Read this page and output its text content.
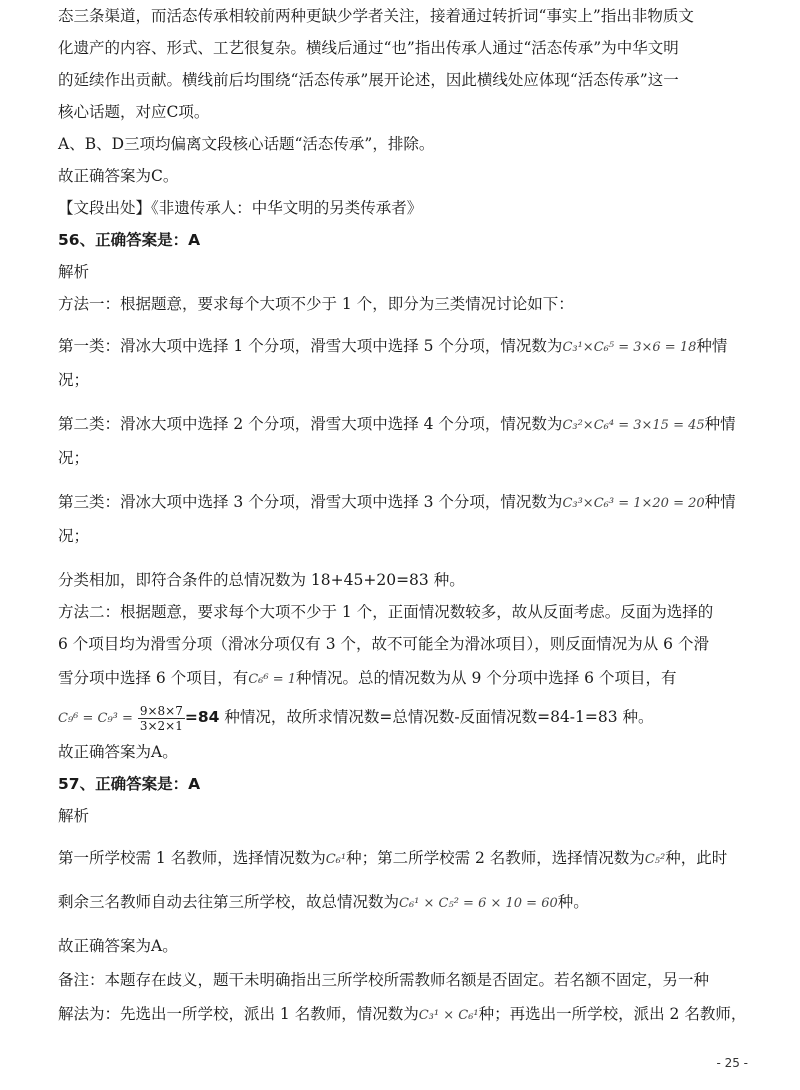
态三条渠道，而活态传承相较前两种更缺少学者关注，接着通过转折词“事实上”指出非物质文

化遗产的内容、形式、工艺很复杂。横线后通过“也”指出传承人通过“活态传承”为中华文明

的延续作出贡献。横线前后均围绕“活态传承”展开论述，因此横线处应体现“活态传承”这一

核心话题，对应C项。

A、B、D三项均偏离文段核心话题“活态传承”，排除。

故正确答案为C。

【文段出处】《非遗传承人：中华文明的另类传承者》

56、正确答案是：A

解析

方法一：根据题意，要求每个大项不少于 1 个，即分为三类情况讨论如下：

第一类：滑冰大项中选择 1 个分项，滑雪大项中选择 5 个分项，情况数为C₃¹×C₆⁵ = 3×6 = 18种情

况；

第二类：滑冰大项中选择 2 个分项，滑雪大项中选择 4 个分项，情况数为C₃²×C₆⁴ = 3×15 = 45种情

况；

第三类：滑冰大项中选择 3 个分项，滑雪大项中选择 3 个分项，情况数为C₃³×C₆³ = 1×20 = 20种情

况；

分类相加，即符合条件的总情况数为 18+45+20=83 种。

方法二：根据题意，要求每个大项不少于 1 个，正面情况数较多，故从反面考虑。反面为选择的

6 个项目均为滑雪分项（滑冰分项仅有 3 个，故不可能全为滑冰项目），则反面情况为从 6 个滑

雪分项中选择 6 个项目，有C₆⁶ = 1种情况。总的情况数为从 9 个分项中选择 6 个项目，有

$C_9^6 = C_9^3 = \frac{9\times 8\times 7}{3\times 2\times 1} =84$ 种情况，故所求情况数=总情况数-反面情况数=84-1=83 种。

故正确答案为A。

57、正确答案是：A

解析

第一所学校需 1 名教师，选择情况数为C₆¹种；第二所学校需 2 名教师，选择情况数为C₅²种，此时

剩余三名教师自动去往第三所学校，故总情况数为C₆¹ × C₅² = 6 × 10 = 60种。

故正确答案为A。

备注：本题存在歧义，题干未明确指出三所学校所需教师名额是否固定。若名额不固定，另一种

解法为：先选出一所学校，派出 1 名教师，情况数为C₃¹ × C₆¹种；再选出一所学校，派出 2 名教师，

- 25 -
